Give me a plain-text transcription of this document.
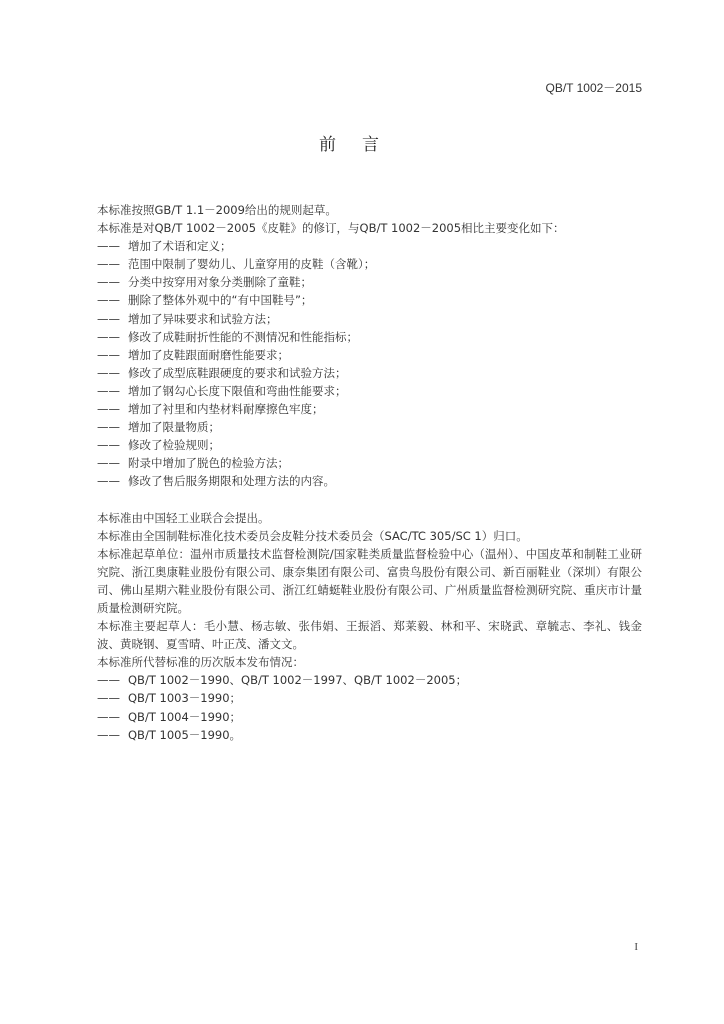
QB/T 1002－2015
前言

本标准按照GB/T 1.1－2009给出的规则起草。

本标准是对QB/T 1002－2005《皮鞋》的修订，与QB/T 1002－2005相比主要变化如下：

—— 增加了术语和定义；

—— 范围中限制了婴幼儿、儿童穿用的皮鞋（含靴）；

—— 分类中按穿用对象分类删除了童鞋；

—— 删除了整体外观中的“有中国鞋号”；

—— 增加了异味要求和试验方法；

—— 修改了成鞋耐折性能的不测情况和性能指标；

—— 增加了皮鞋跟面耐磨性能要求；

—— 修改了成型底鞋跟硬度的要求和试验方法；

—— 增加了钢勾心长度下限值和弯曲性能要求；

—— 增加了衬里和内垫材料耐摩擦色牢度；

—— 增加了限量物质；

—— 修改了检验规则；

—— 附录中增加了脱色的检验方法；

—— 修改了售后服务期限和处理方法的内容。

本标准由中国轻工业联合会提出。

本标准由全国制鞋标准化技术委员会皮鞋分技术委员会（SAC/TC 305/SC 1）归口。

本标准起草单位：温州市质量技术监督检测院/国家鞋类质量监督检验中心（温州）、中国皮革和制鞋工业研究院、浙江奥康鞋业股份有限公司、康奈集团有限公司、富贵鸟股份有限公司、新百丽鞋业（深圳）有限公司、佛山星期六鞋业股份有限公司、浙江红蜻蜓鞋业股份有限公司、广州质量监督检测研究院、重庆市计量质量检测研究院。

本标准主要起草人：毛小慧、杨志敏、张伟娟、王振滔、郑莱毅、林和平、宋晓武、章毓志、李礼、钱金波、黄晓钢、夏雪晴、叶正茂、潘文文。

本标准所代替标准的历次版本发布情况：

—— QB/T 1002－1990、QB/T 1002－1997、QB/T 1002－2005；

—— QB/T 1003－1990；

—— QB/T 1004－1990；

—— QB/T 1005－1990。

I
